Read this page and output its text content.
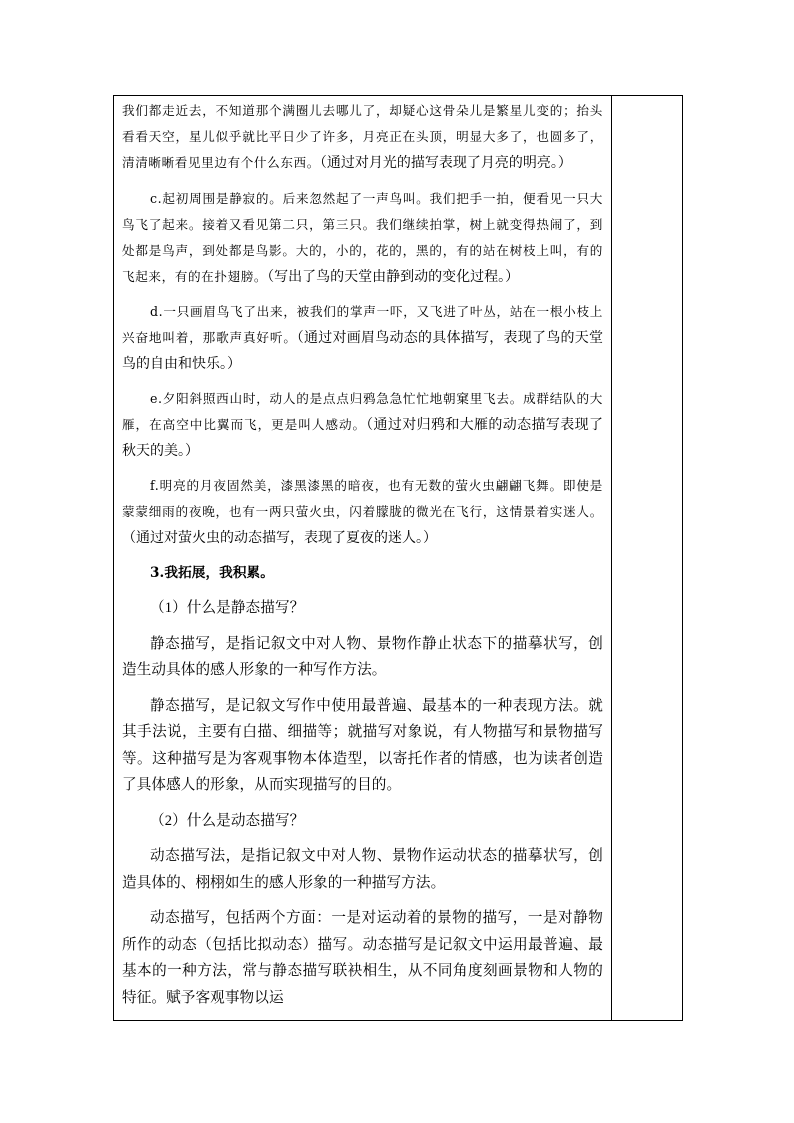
我们都走近去，不知道那个满圈儿去哪儿了，却疑心这骨朵儿是繁星儿变的；抬头看看天空，星儿似乎就比平日少了许多，月亮正在头顶，明显大多了，也圆多了，清清晰晰看见里边有个什么东西。（通过对月光的描写表现了月亮的明亮。）

c.起初周围是静寂的。后来忽然起了一声鸟叫。我们把手一拍，便看见一只大鸟飞了起来。接着又看见第二只，第三只。我们继续拍掌，树上就变得热闹了，到处都是鸟声，到处都是鸟影。大的，小的，花的，黑的，有的站在树枝上叫，有的飞起来，有的在扑翅膀。（写出了鸟的天堂由静到动的变化过程。）

d.一只画眉鸟飞了出来，被我们的掌声一吓，又飞进了叶丛，站在一根小枝上兴奋地叫着，那歌声真好听。（通过对画眉鸟动态的具体描写，表现了鸟的天堂鸟的自由和快乐。）

e.夕阳斜照西山时，动人的是点点归鸦急急忙忙地朝窠里飞去。成群结队的大雁，在高空中比翼而飞，更是叫人感动。（通过对归鸦和大雁的动态描写表现了秋天的美。）

f.明亮的月夜固然美，漆黑漆黑的暗夜，也有无数的萤火虫翩翩飞舞。即使是蒙蒙细雨的夜晚，也有一两只萤火虫，闪着朦胧的微光在飞行，这情景着实迷人。（通过对萤火虫的动态描写，表现了夏夜的迷人。）

3.我拓展，我积累。

（1）什么是静态描写？

静态描写，是指记叙文中对人物、景物作静止状态下的描摹状写，创造生动具体的感人形象的一种写作方法。

静态描写，是记叙文写作中使用最普遍、最基本的一种表现方法。就其手法说，主要有白描、细描等；就描写对象说，有人物描写和景物描写等。这种描写是为客观事物本体造型，以寄托作者的情感，也为读者创造了具体感人的形象，从而实现描写的目的。

（2）什么是动态描写？

动态描写法，是指记叙文中对人物、景物作运动状态的描摹状写，创造具体的、栩栩如生的感人形象的一种描写方法。

动态描写，包括两个方面：一是对运动着的景物的描写，一是对静物所作的动态（包括比拟动态）描写。动态描写是记叙文中运用最普遍、最基本的一种方法，常与静态描写联袂相生，从不同角度刻画景物和人物的特征。赋予客观事物以运
